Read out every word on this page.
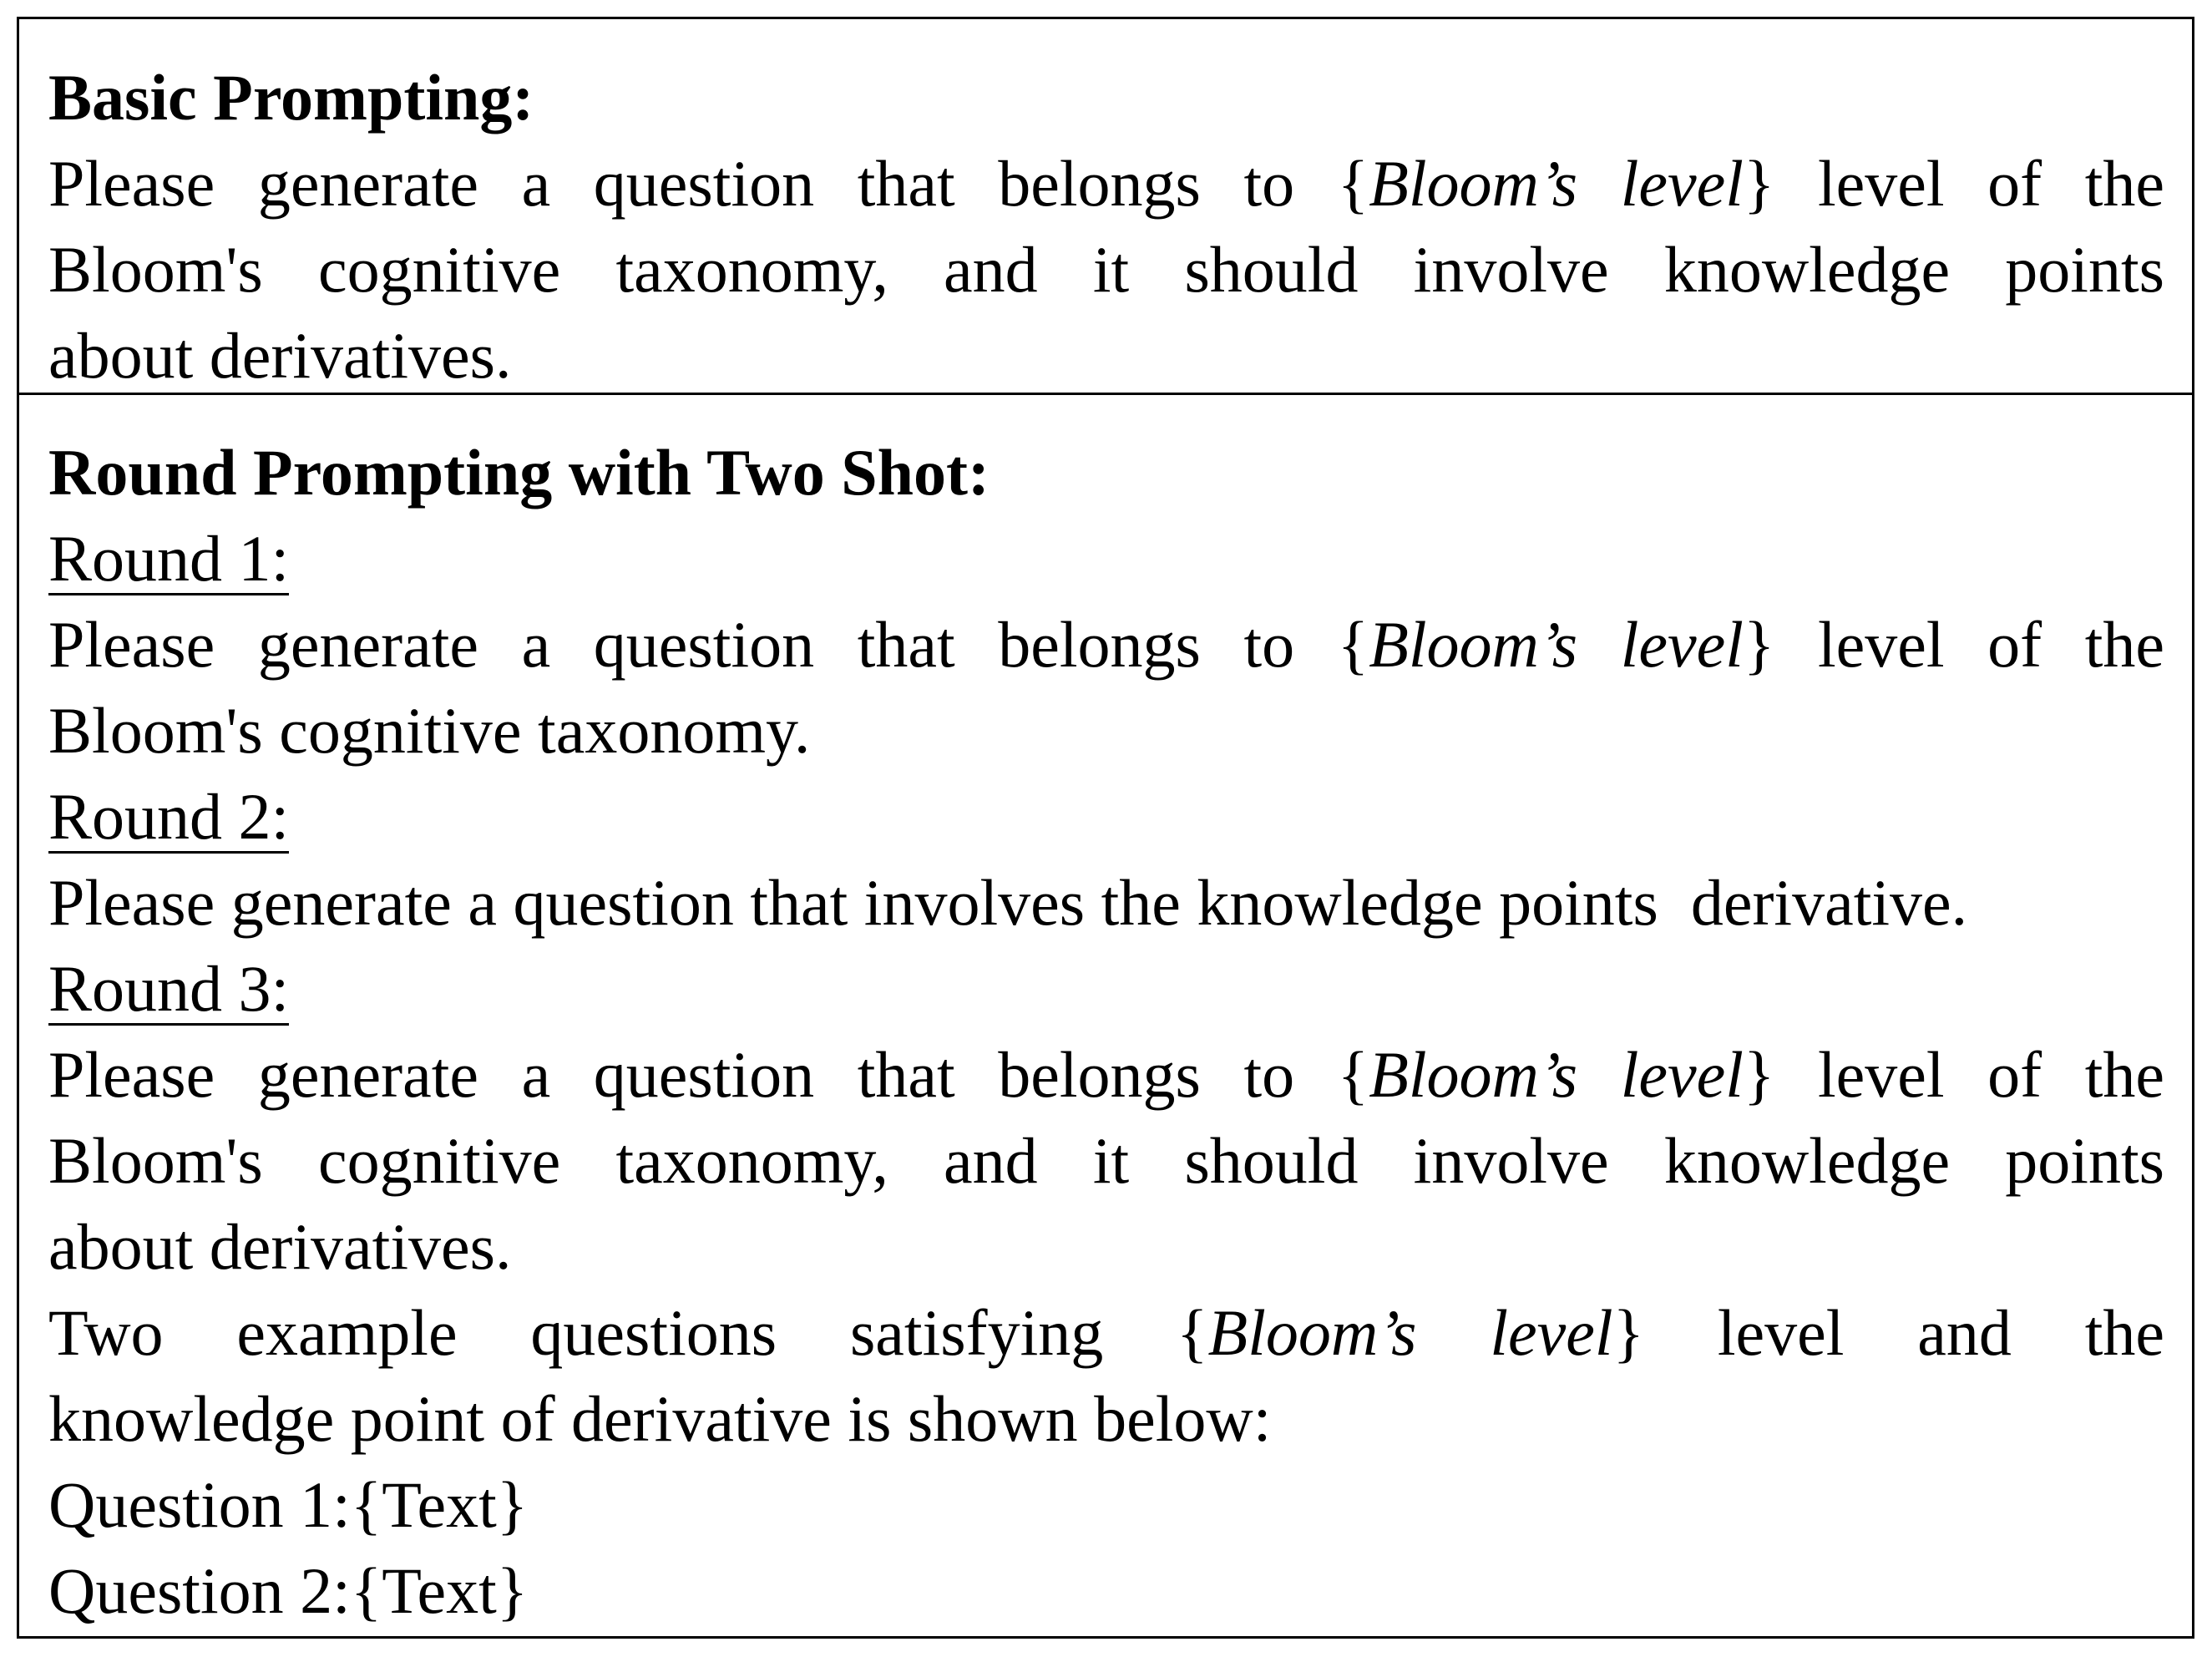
Basic Prompting:
Please generate a question that belongs to {Bloom’s level} level of the
Bloom's cognitive taxonomy, and it should involve knowledge points
about derivatives.
Round Prompting with Two Shot:
Round 1:
Please generate a question that belongs to {Bloom’s level} level of the
Bloom's cognitive taxonomy.
Round 2:
Please generate a question that involves the knowledge points  derivative.
Round 3:
Please generate a question that belongs to {Bloom’s level} level of the
Bloom's cognitive taxonomy, and it should involve knowledge points
about derivatives.
Two example questions satisfying {Bloom’s level} level and the
knowledge point of derivative is shown below:
Question 1:{Text}
Question 2:{Text}
